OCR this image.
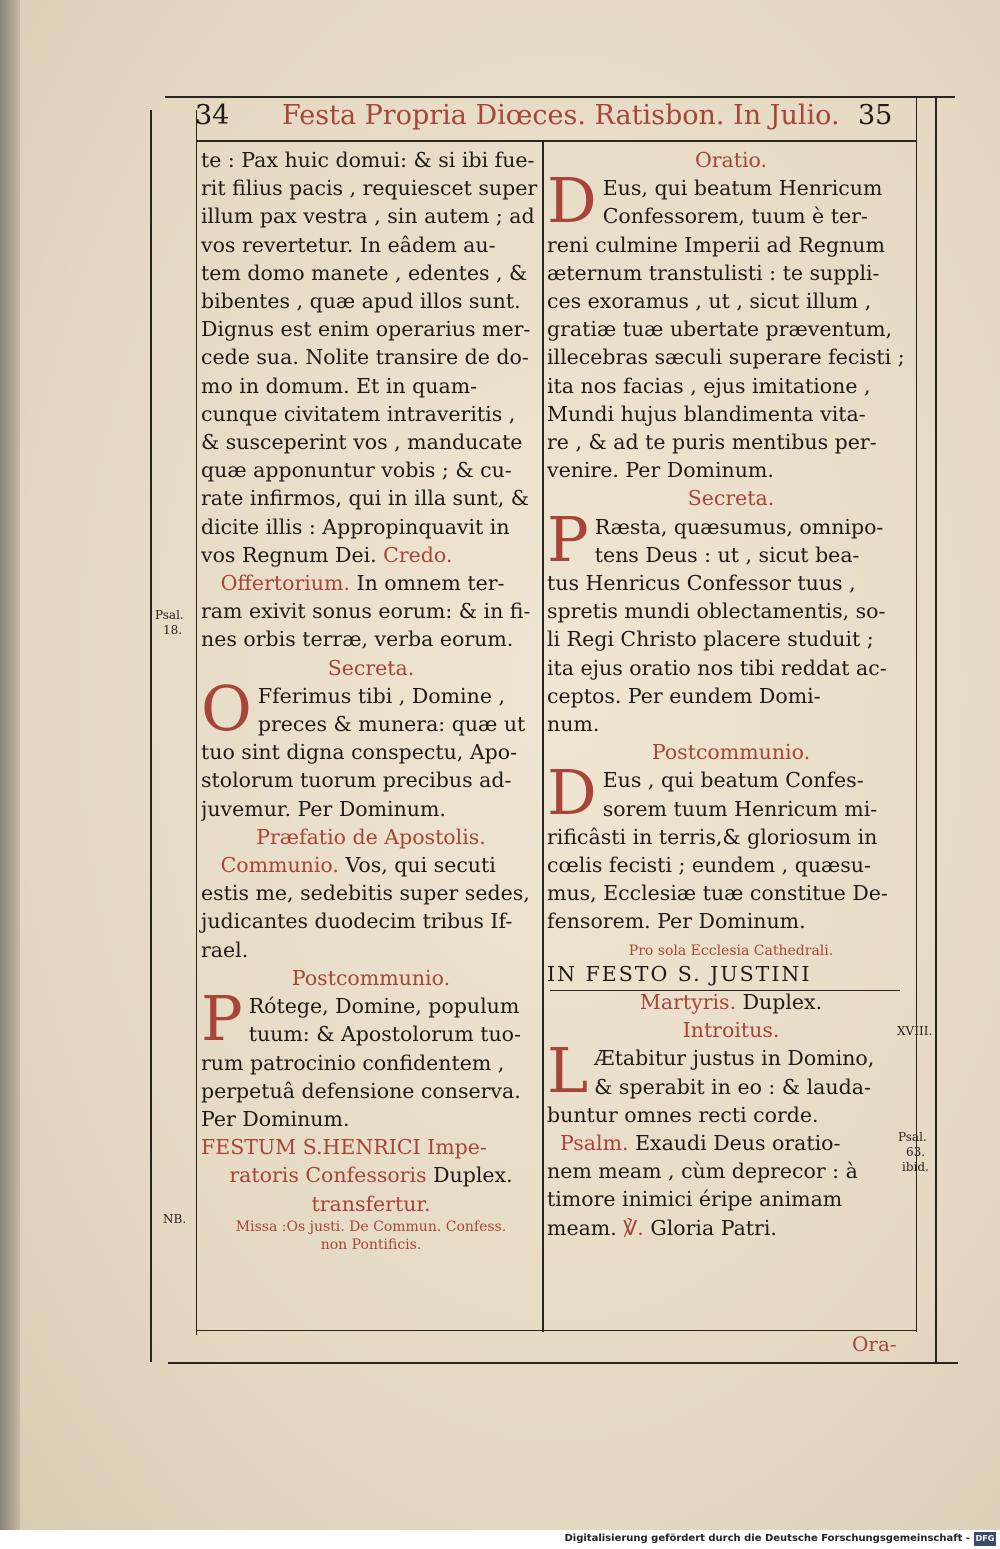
34 Festa Propria Diœces. Ratisbon. In Julio. 35

te : Pax huic domui: & si ibi fue-

rit filius pacis , requiescet super

illum pax vestra , sin autem ; ad

vos revertetur. In eâdem au-

tem domo manete , edentes , &

bibentes , quæ apud illos sunt.

Dignus est enim operarius mer-

cede sua. Nolite transire de do-

mo in domum. Et in quam-

cunque civitatem intraveritis ,

& susceperint vos , manducate

quæ apponuntur vobis ; & cu-

rate infirmos, qui in illa sunt, &

dicite illis : Appropinquavit in

vos Regnum Dei. Credo.

Offertorium. In omnem ter-

ram exivit sonus eorum: & in fi-

nes orbis terræ, verba eorum.

Secreta.

O Fferimus tibi , Domine ,

preces & munera: quæ ut

tuo sint digna conspectu, Apo-

stolorum tuorum precibus ad-

juvemur. Per Dominum.

Præfatio de Apostolis.

Communio. Vos, qui secuti

estis me, sedebitis super sedes,

judicantes duodecim tribus If-

rael.

Postcommunio.

P Rótege, Domine, populum

tuum: & Apostolorum tuo-

rum patrocinio confidentem ,

perpetuâ defensione conserva.

Per Dominum.

FESTUM S.HENRICI Impe-

ratoris Confessoris Duplex.

transfertur.

Missa :Os justi. De Commun. Confess.

non Pontificis.

Oratio.

D Eus, qui beatum Henricum

Confessorem, tuum è ter-

reni culmine Imperii ad Regnum

æternum transtulisti : te suppli-

ces exoramus , ut , sicut illum ,

gratiæ tuæ ubertate præventum,

illecebras sæculi superare fecisti ;

ita nos facias , ejus imitatione ,

Mundi hujus blandimenta vita-

re , & ad te puris mentibus per-

venire. Per Dominum.

Secreta.

P Ræsta, quæsumus, omnipo-

tens Deus : ut , sicut bea-

tus Henricus Confessor tuus ,

spretis mundi oblectamentis, so-

li Regi Christo placere studuit ;

ita ejus oratio nos tibi reddat ac-

ceptos. Per eundem Domi-

num.

Postcommunio.

D Eus , qui beatum Confes-

sorem tuum Henricum mi-

rificâsti in terris,& gloriosum in

cœlis fecisti ; eundem , quæsu-

mus, Ecclesiæ tuæ constitue De-

fensorem. Per Dominum.

Pro sola Ecclesia Cathedrali.

IN FESTO S. JUSTINI

Martyris. Duplex.

Introitus.

L Ætabitur justus in Domino,

& sperabit in eo : & lauda-

buntur omnes recti corde.

Psalm. Exaudi Deus oratio-

nem meam , cùm deprecor : à

timore inimici éripe animam

meam. ℣. Gloria Patri.

Ora-
Psal.
18.
NB.
XVIII.
Psal.
63.
ibid.
Digitalisierung gefördert durch die Deutsche Forschungsgemeinschaft - DFG
